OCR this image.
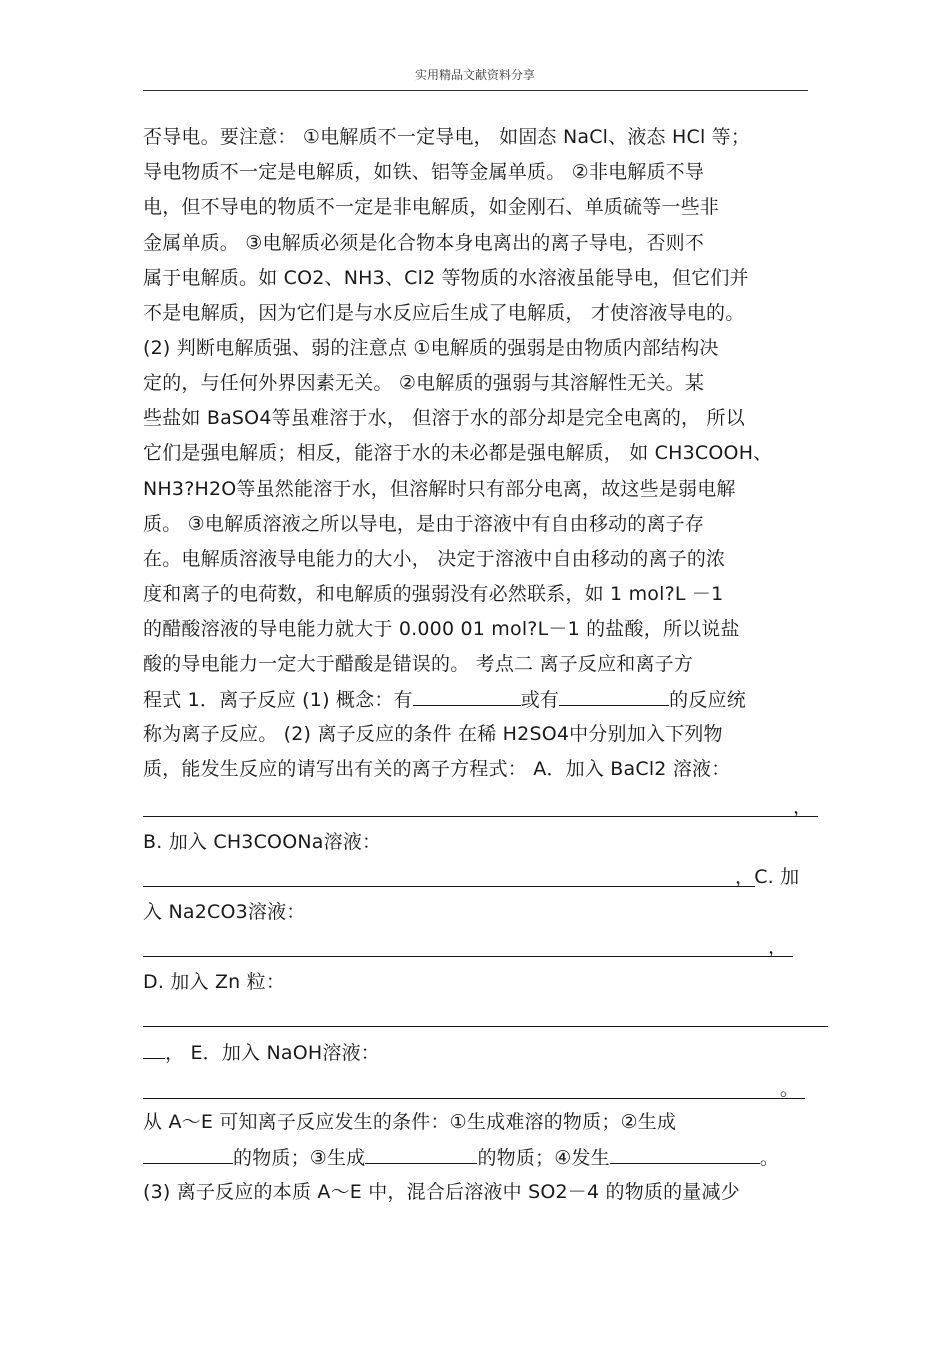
实用精品文献资料分享
否导电。要注意： ①电解质不一定导电， 如固态 NaCl、液态 HCl 等；
导电物质不一定是电解质，如铁、铝等金属单质。 ②非电解质不导
电，但不导电的物质不一定是非电解质，如金刚石、单质硫等一些非
金属单质。 ③电解质必须是化合物本身电离出的离子导电，否则不
属于电解质。如 CO2、NH3、Cl2 等物质的水溶液虽能导电，但它们并
不是电解质，因为它们是与水反应后生成了电解质， 才使溶液导电的。
(2) 判断电解质强、弱的注意点 ①电解质的强弱是由物质内部结构决
定的，与任何外界因素无关。 ②电解质的强弱与其溶解性无关。某
些盐如 BaSO4等虽难溶于水， 但溶于水的部分却是完全电离的， 所以
它们是强电解质；相反，能溶于水的未必都是强电解质， 如 CH3COOH、
NH3?H2O等虽然能溶于水，但溶解时只有部分电离，故这些是弱电解
质。 ③电解质溶液之所以导电，是由于溶液中有自由移动的离子存
在。电解质溶液导电能力的大小， 决定于溶液中自由移动的离子的浓
度和离子的电荷数，和电解质的强弱没有必然联系，如 1 mol?L －1
的醋酸溶液的导电能力就大于 0.000 01 mol?L－1 的盐酸，所以说盐
酸的导电能力一定大于醋酸是错误的。 考点二 离子反应和离子方
程式 1．离子反应 (1) 概念：有	或有	的反应统
称为离子反应。 (2) 离子反应的条件 在稀 H2SO4中分别加入下列物
质，能发生反应的请写出有关的离子方程式： A．加入 BaCl2 溶液：
，
B. 加入 CH3COONa溶液：
，C. 加
入 Na2CO3溶液：
，
D. 加入 Zn 粒：
， E．加入 NaOH溶液：
。
从 A～E 可知离子反应发生的条件：①生成难溶的物质；②生成
的物质；③生成	的物质；④发生	。
(3) 离子反应的本质 A～E 中，混合后溶液中 SO2－4 的物质的量减少
